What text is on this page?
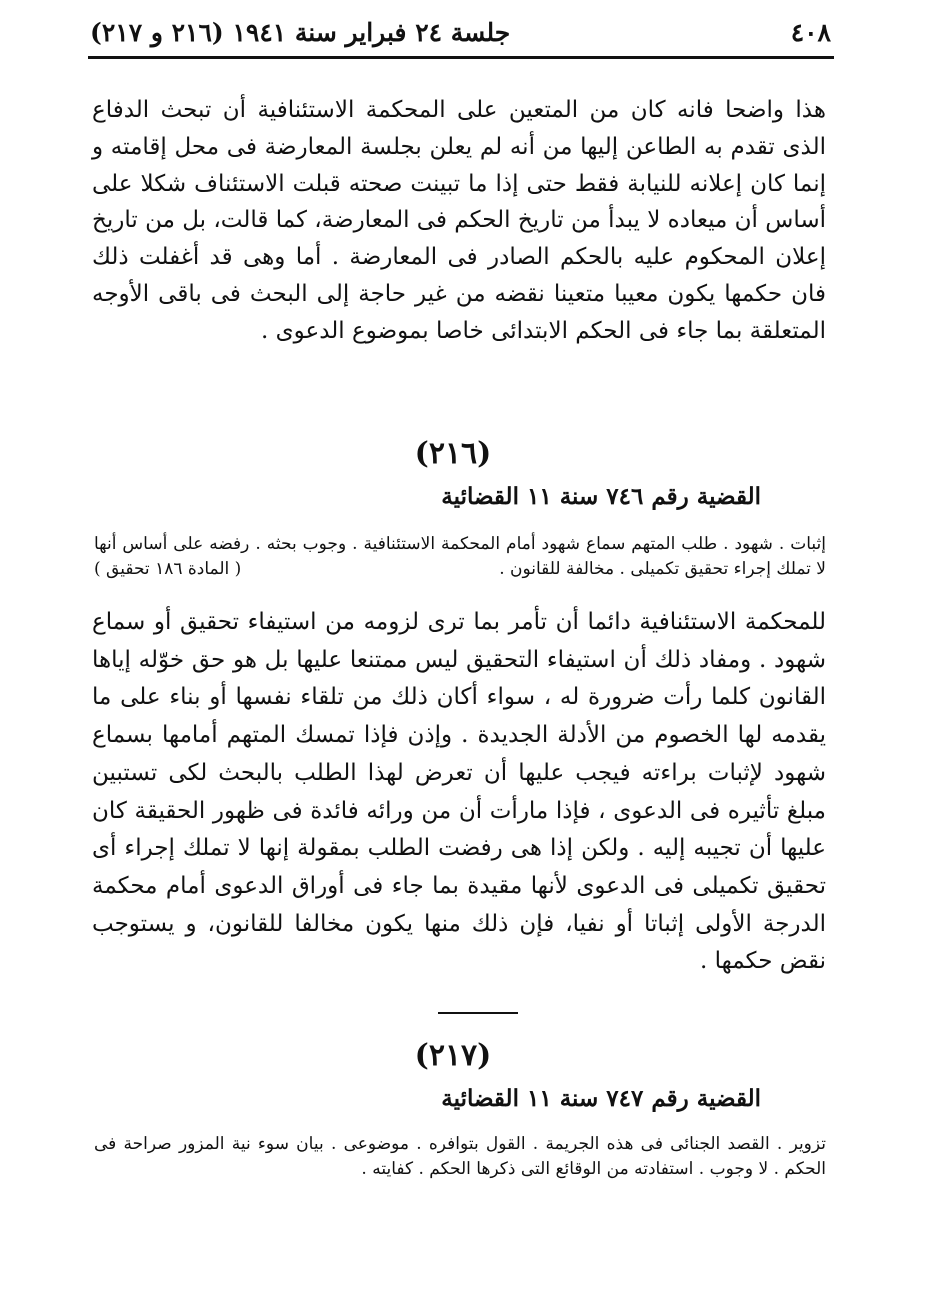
٤٠٨
جلسة ٢٤ فبراير سنة ١٩٤١ (٢١٦ و ٢١٧)

هذا واضحا فانه كان من المتعين على المحكمة الاستئنافية أن تبحث الدفاع الذى تقدم به الطاعن إليها من أنه لم يعلن بجلسة المعارضة فى محل إقامته و إنما كان إعلانه للنيابة فقط حتى إذا ما تبينت صحته قبلت الاستئناف شكلا على أساس أن ميعاده لا يبدأ من تاريخ الحكم فى المعارضة، كما قالت، بل من تاريخ إعلان المحكوم عليه بالحكم الصادر فى المعارضة . أما وهى قد أغفلت ذلك فان حكمها يكون معيبا متعينا نقضه من غير حاجة إلى البحث فى باقى الأوجه المتعلقة بما جاء فى الحكم الابتدائى خاصا بموضوع الدعوى .

(٢١٦)
القضية رقم ٧٤٦ سنة ١١ القضائية
إثبات . شهود . طلب المتهم سماع شهود أمام المحكمة الاستئنافية . وجوب بحثه . رفضه على أساس أنها لا تملك إجراء تحقيق تكميلى . مخالفة للقانون .
( المادة ١٨٦ تحقيق )

للمحكمة الاستئنافية دائما أن تأمر بما ترى لزومه من استيفاء تحقيق أو سماع شهود . ومفاد ذلك أن استيفاء التحقيق ليس ممتنعا عليها بل هو حق خوّله إياها القانون كلما رأت ضرورة له ، سواء أكان ذلك من تلقاء نفسها أو بناء على ما يقدمه لها الخصوم من الأدلة الجديدة . وإذن فإذا تمسك المتهم أمامها بسماع شهود لإثبات براءته فيجب عليها أن تعرض لهذا الطلب بالبحث لكى تستبين مبلغ تأثيره فى الدعوى ، فإذا مارأت أن من ورائه فائدة فى ظهور الحقيقة كان عليها أن تجيبه إليه . ولكن إذا هى رفضت الطلب بمقولة إنها لا تملك إجراء أى تحقيق تكميلى فى الدعوى لأنها مقيدة بما جاء فى أوراق الدعوى أمام محكمة الدرجة الأولى إثباتا أو نفيا، فإن ذلك منها يكون مخالفا للقانون، و يستوجب نقض حكمها .

(٢١٧)
القضية رقم ٧٤٧ سنة ١١ القضائية
تزوير . القصد الجنائى فى هذه الجريمة . القول بتوافره . موضوعى . بيان سوء نية المزور صراحة فى الحكم . لا وجوب . استفادته من الوقائع التى ذكرها الحكم . كفايته .
